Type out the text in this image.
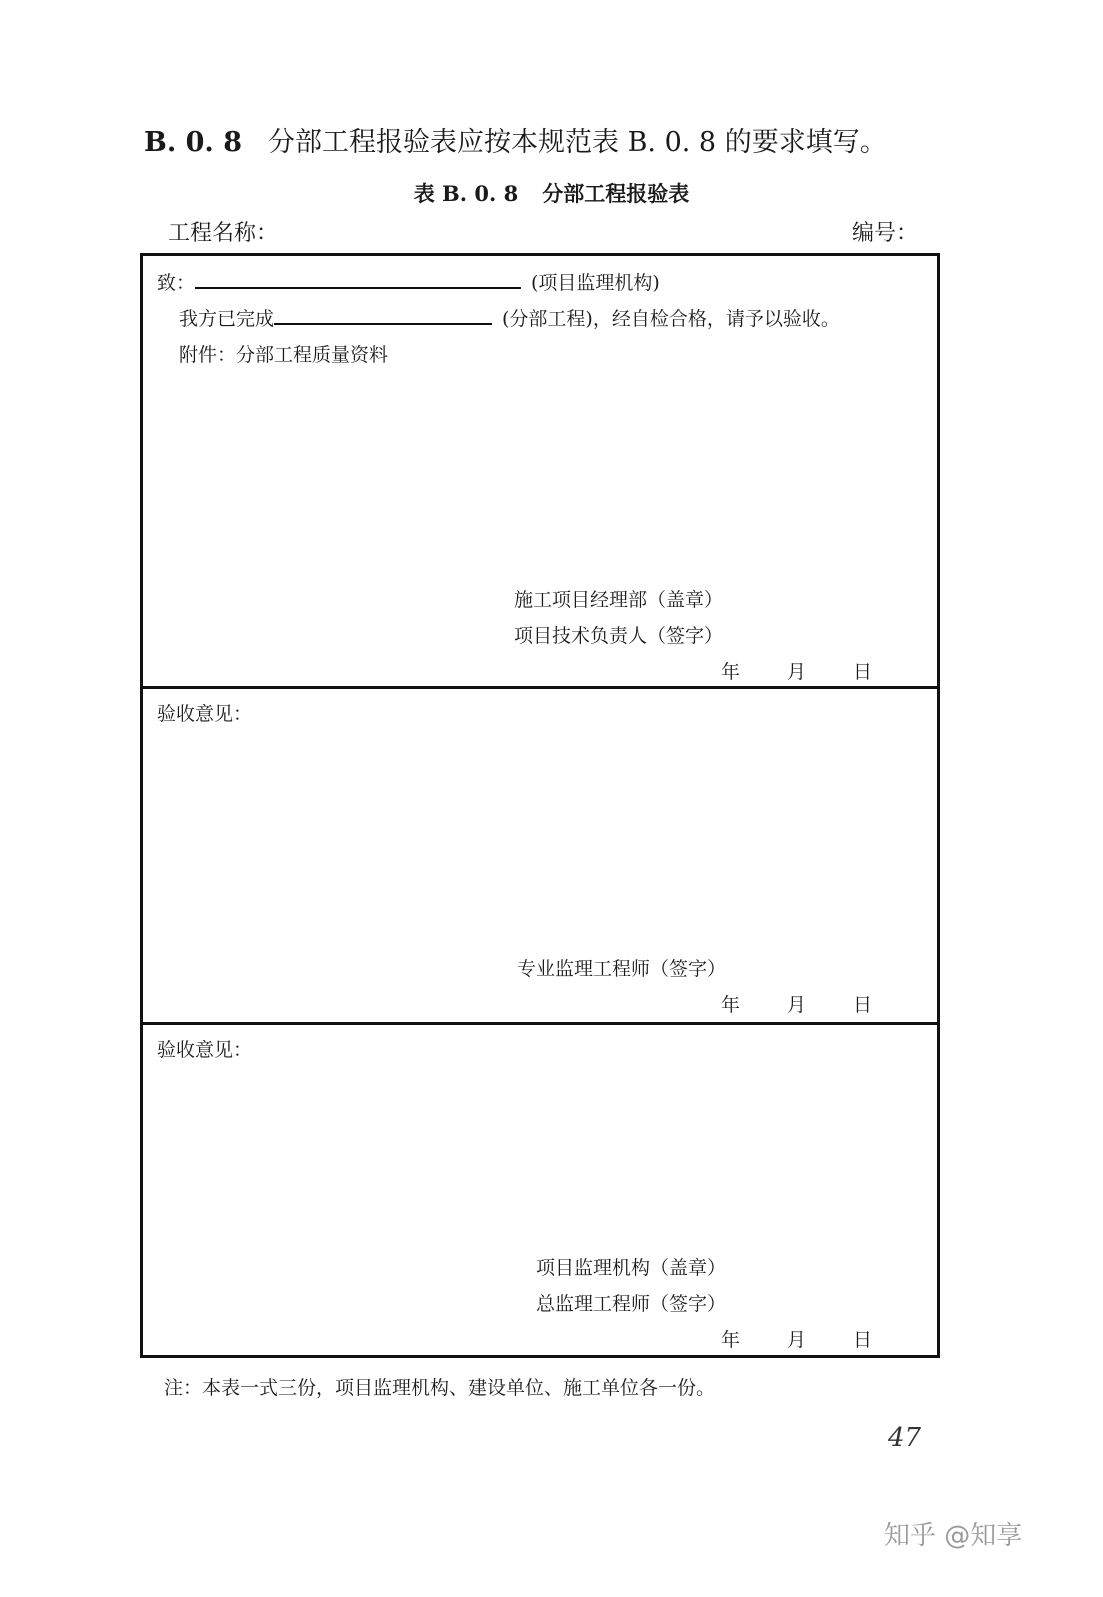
B. 0. 8 分部工程报验表应按本规范表 B. 0. 8 的要求填写。
表 B. 0. 8 分部工程报验表
工程名称：	编号：
致：	(项目监理机构)
我方已完成	(分部工程)，经自检合格，请予以验收。
附件：分部工程质量资料
施工项目经理部（盖章）
项目技术负责人（签字）
年 月 日
验收意见：
专业监理工程师（签字）
年 月 日
验收意见：
项目监理机构（盖章）
总监理工程师（签字）
年 月 日
注：本表一式三份，项目监理机构、建设单位、施工单位各一份。
47
知乎 @知享
